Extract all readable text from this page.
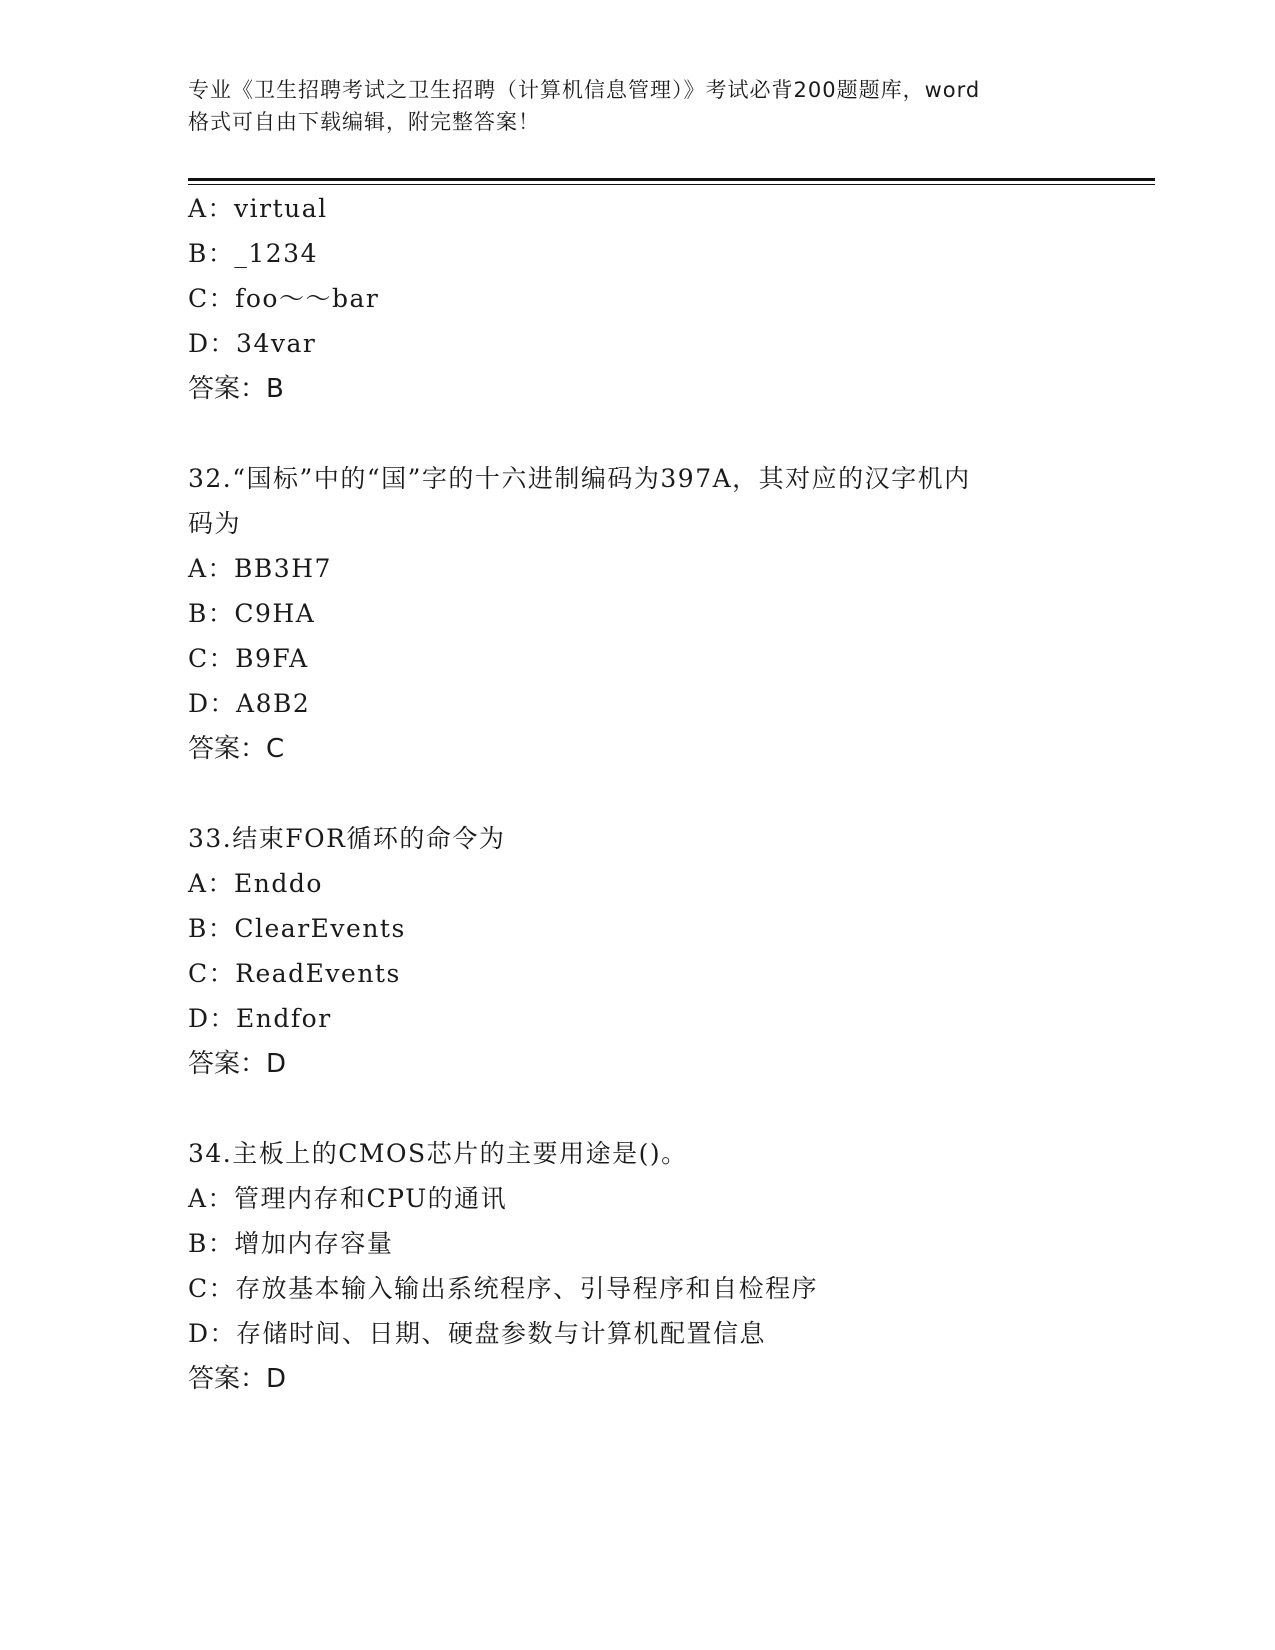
专业《卫生招聘考试之卫生招聘（计算机信息管理）》考试必背200题题库，word
格式可自由下载编辑，附完整答案！
A：virtual
B：_1234
C：foo～～bar
D：34var
答案：B
32.“国标”中的“国”字的十六进制编码为397A，其对应的汉字机内
码为
A：BB3H7
B：C9HA
C：B9FA
D：A8B2
答案：C
33.结束FOR循环的命令为
A：Enddo
B：ClearEvents
C：ReadEvents
D：Endfor
答案：D
34.主板上的CMOS芯片的主要用途是()。
A：管理内存和CPU的通讯
B：增加内存容量
C：存放基本输入输出系统程序、引导程序和自检程序
D：存储时间、日期、硬盘参数与计算机配置信息
答案：D
